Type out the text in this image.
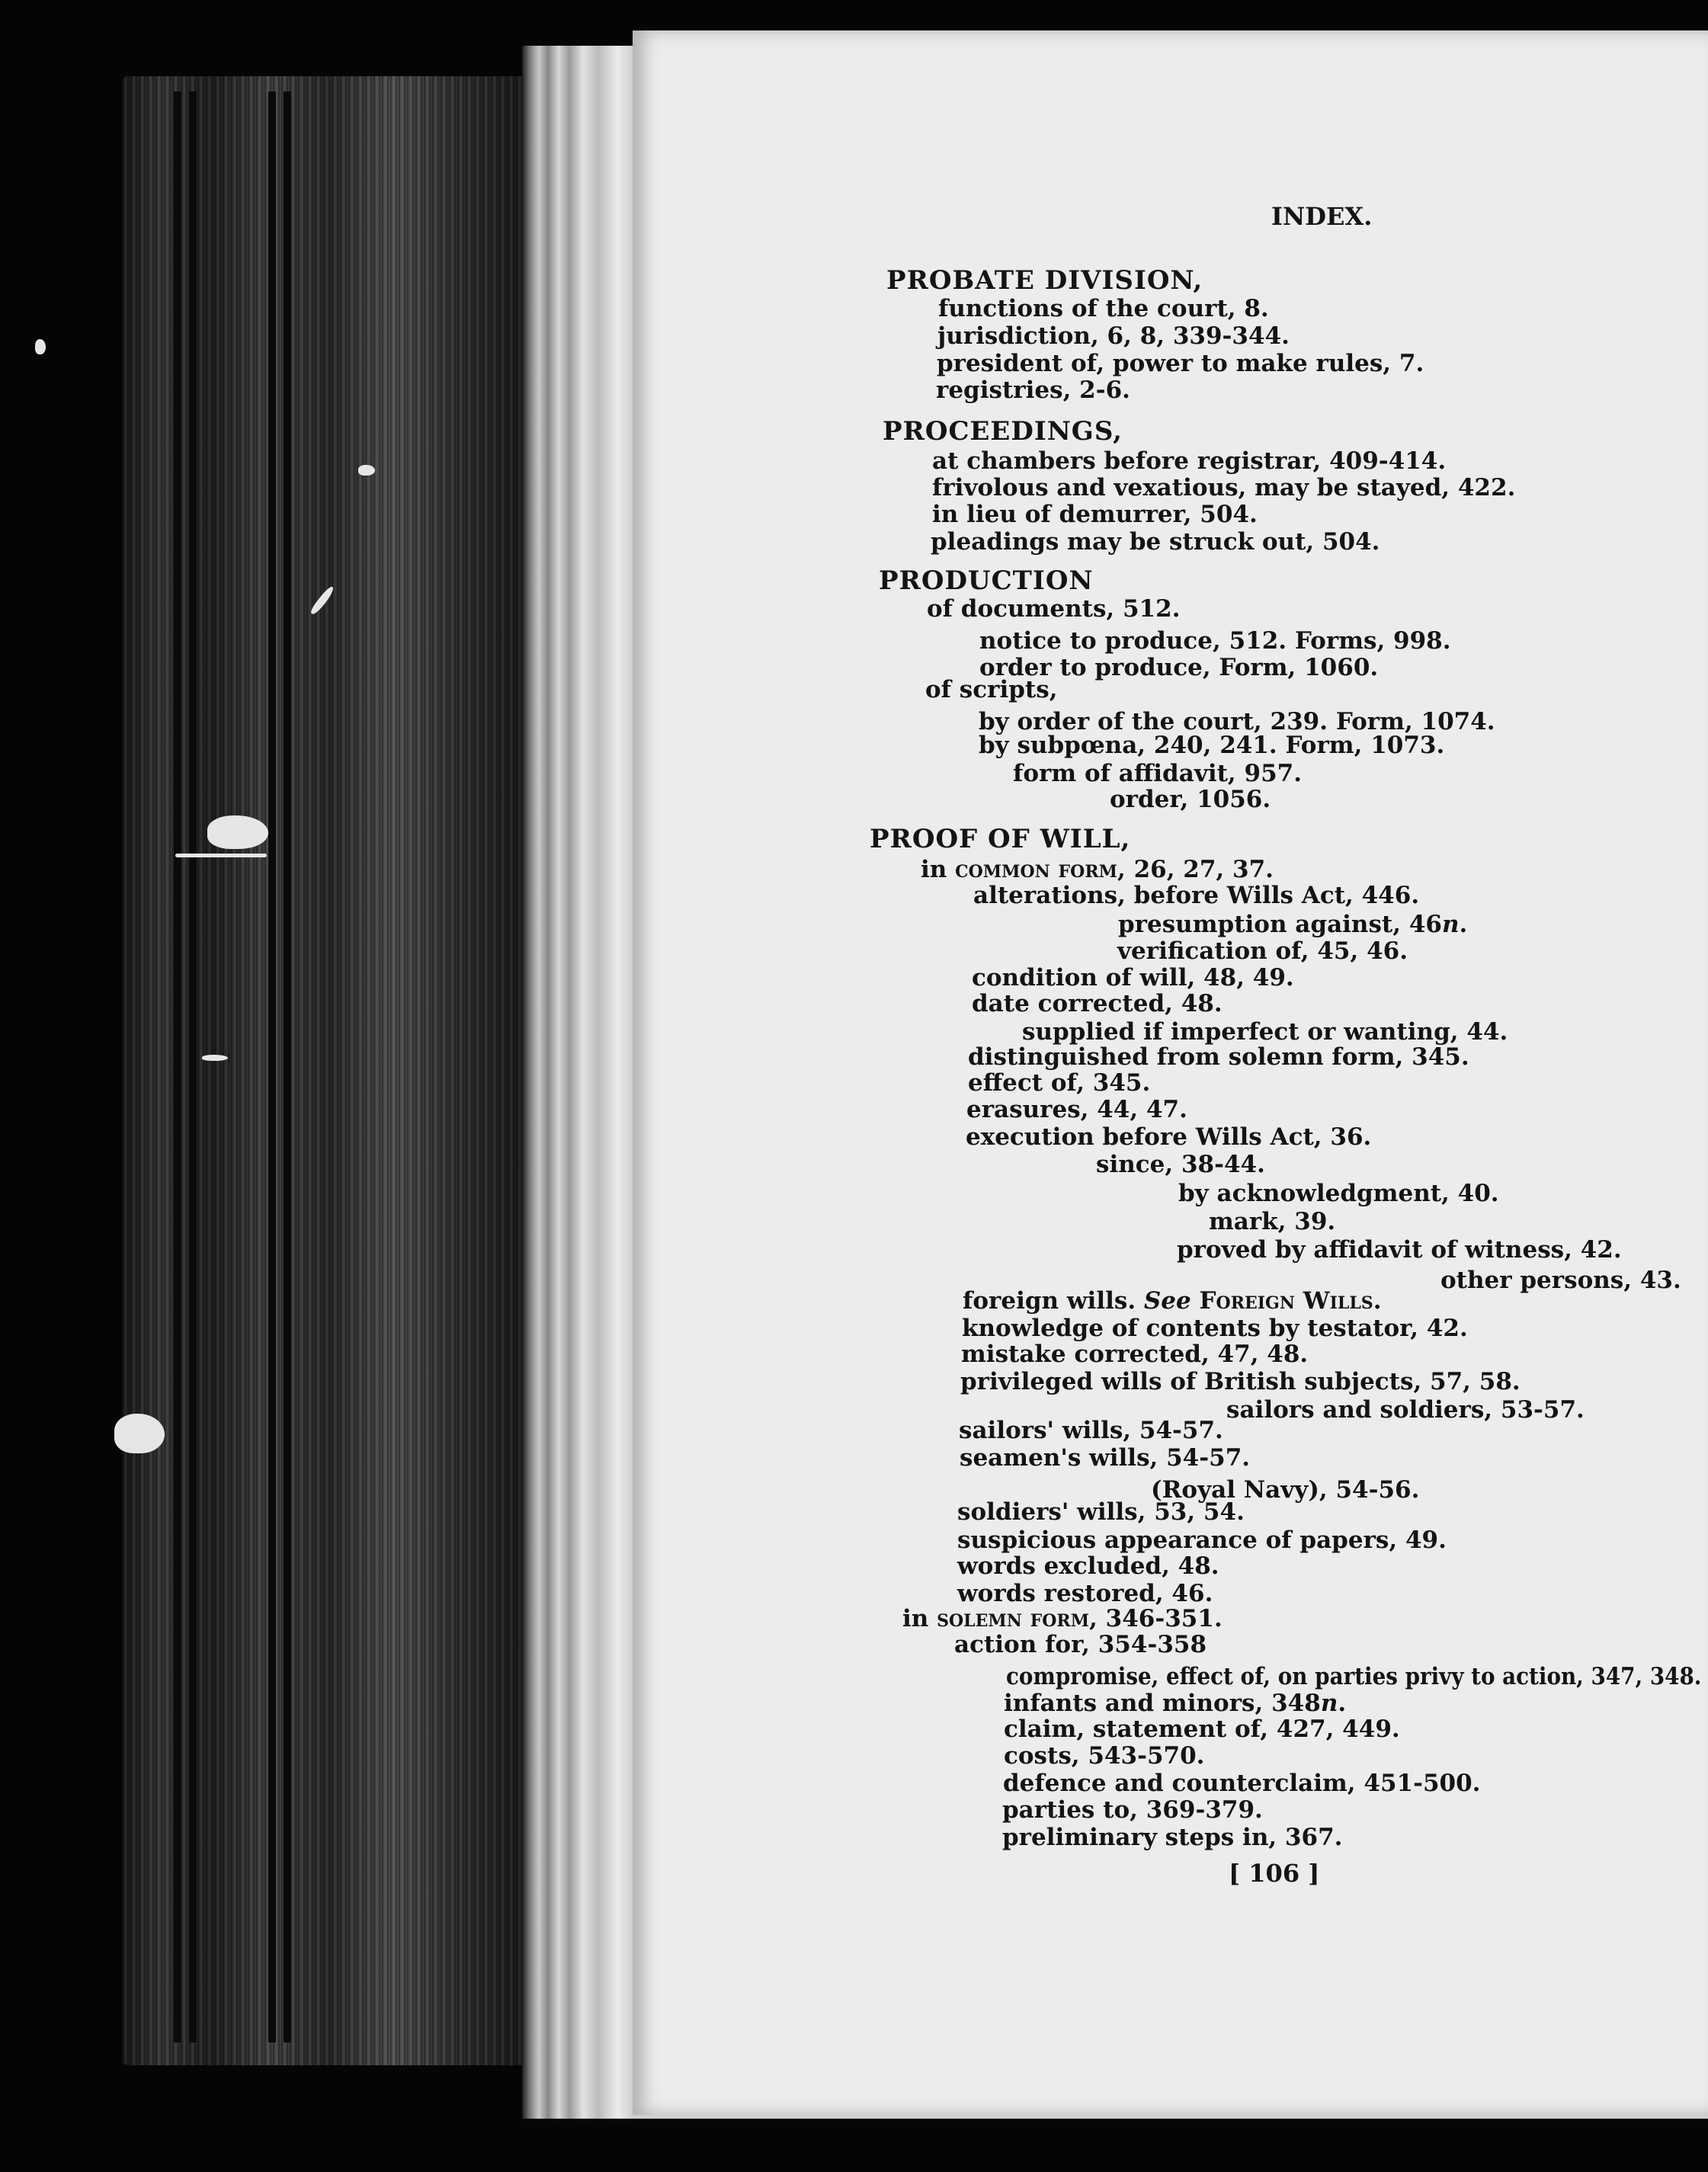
INDEX.
PROBATE DIVISION,
functions of the court, 8.
jurisdiction, 6, 8, 339-344.
president of, power to make rules, 7.
registries, 2-6.
PROCEEDINGS,
at chambers before registrar, 409-414.
frivolous and vexatious, may be stayed, 422.
in lieu of demurrer, 504.
pleadings may be struck out, 504.
PRODUCTION
of documents, 512.
notice to produce, 512. Forms, 998.
order to produce, Form, 1060.
of scripts,
by order of the court, 239. Form, 1074.
by subpœna, 240, 241. Form, 1073.
form of affidavit, 957.
order, 1056.
PROOF OF WILL,
in common form, 26, 27, 37.
alterations, before Wills Act, 446.
presumption against, 46n.
verification of, 45, 46.
condition of will, 48, 49.
date corrected, 48.
supplied if imperfect or wanting, 44.
distinguished from solemn form, 345.
effect of, 345.
erasures, 44, 47.
execution before Wills Act, 36.
since, 38-44.
by acknowledgment, 40.
mark, 39.
proved by affidavit of witness, 42.
other persons, 43.
foreign wills. See Foreign Wills.
knowledge of contents by testator, 42.
mistake corrected, 47, 48.
privileged wills of British subjects, 57, 58.
sailors and soldiers, 53-57.
sailors' wills, 54-57.
seamen's wills, 54-57.
(Royal Navy), 54-56.
soldiers' wills, 53, 54.
suspicious appearance of papers, 49.
words excluded, 48.
words restored, 46.
in solemn form, 346-351.
action for, 354-358
compromise, effect of, on parties privy to action, 347, 348.
infants and minors, 348n.
claim, statement of, 427, 449.
costs, 543-570.
defence and counterclaim, 451-500.
parties to, 369-379.
preliminary steps in, 367.
[ 106 ]
